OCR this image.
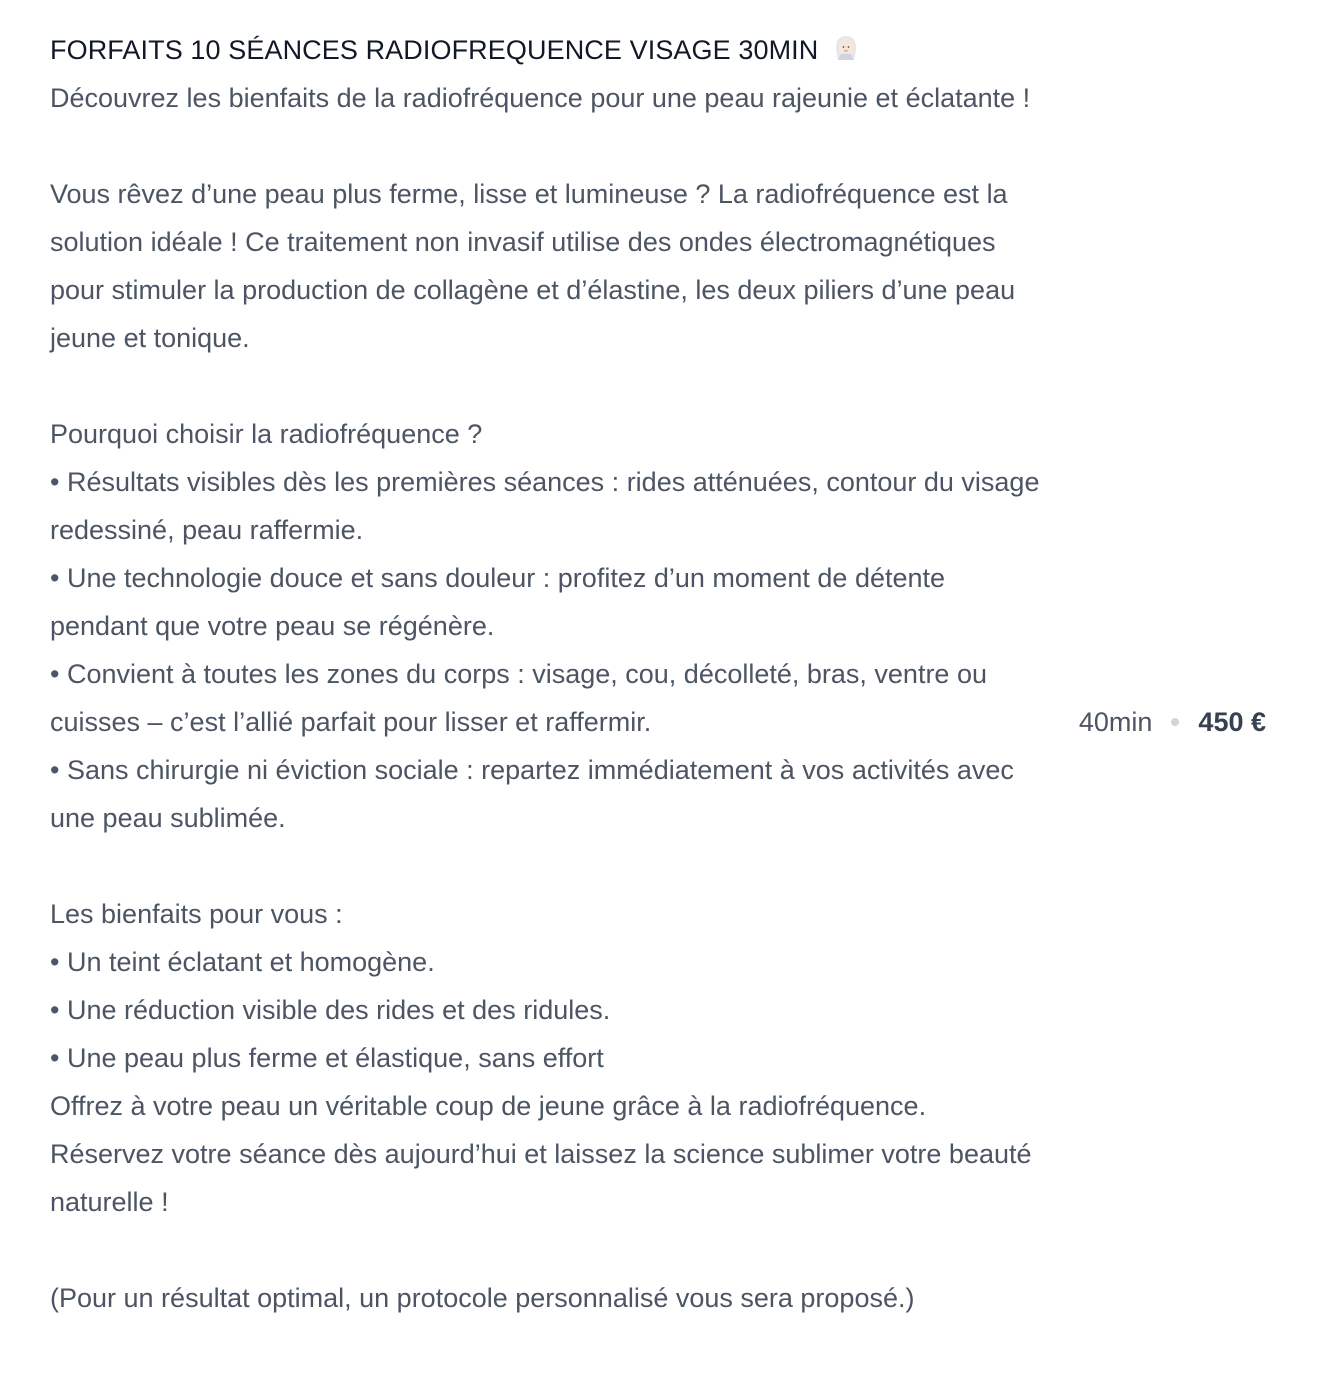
FORFAITS 10 SÉANCES RADIOFREQUENCE VISAGE 30MIN
Découvrez les bienfaits de la radiofréquence pour une peau rajeunie et éclatante !

Vous rêvez d’une peau plus ferme, lisse et lumineuse ? La radiofréquence est la solution idéale ! Ce traitement non invasif utilise des ondes électromagnétiques pour stimuler la production de collagène et d’élastine, les deux piliers d’une peau jeune et tonique.

Pourquoi choisir la radiofréquence ?
• Résultats visibles dès les premières séances : rides atténuées, contour du visage redessiné, peau raffermie.
• Une technologie douce et sans douleur : profitez d’un moment de détente pendant que votre peau se régénère.
• Convient à toutes les zones du corps : visage, cou, décolleté, bras, ventre ou cuisses – c’est l’allié parfait pour lisser et raffermir.
• Sans chirurgie ni éviction sociale : repartez immédiatement à vos activités avec une peau sublimée.

Les bienfaits pour vous :
• Un teint éclatant et homogène.
• Une réduction visible des rides et des ridules.
• Une peau plus ferme et élastique, sans effort
Offrez à votre peau un véritable coup de jeune grâce à la radiofréquence. Réservez votre séance dès aujourd’hui et laissez la science sublimer votre beauté naturelle !

(Pour un résultat optimal, un protocole personnalisé vous sera proposé.)
40min 450 €
